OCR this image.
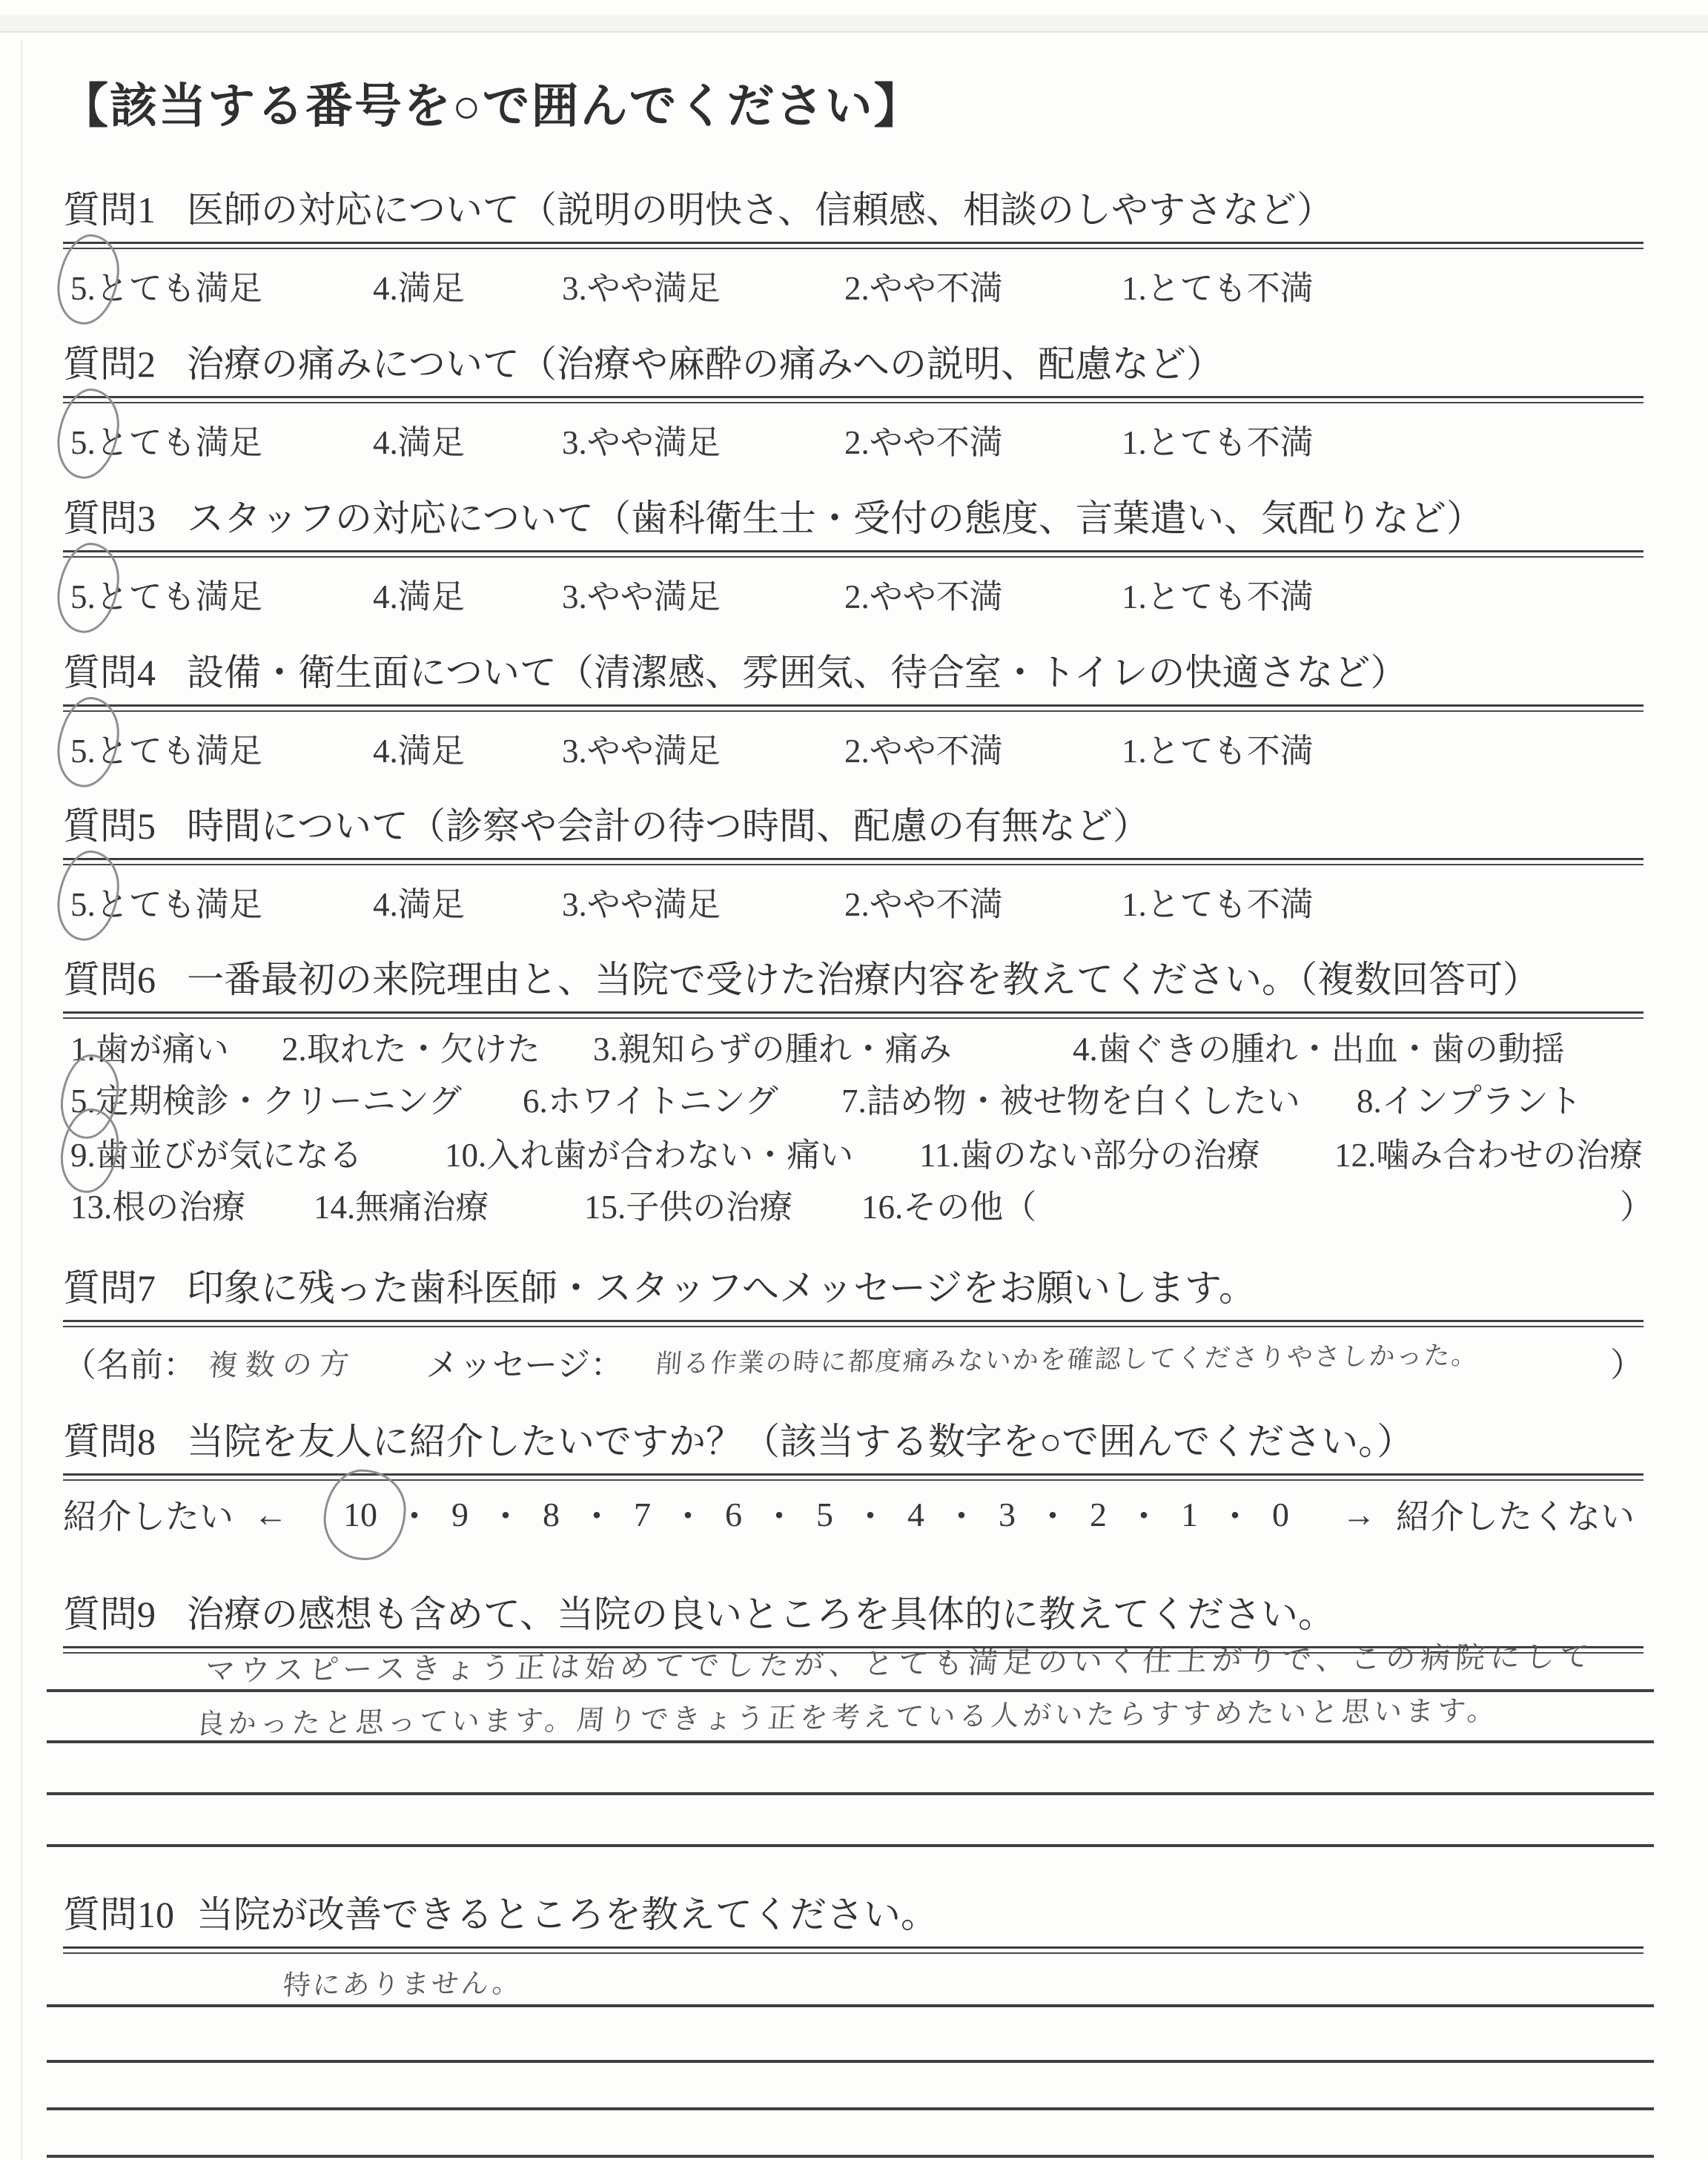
【該当する番号を○で囲んでください】
質問1 医師の対応について（説明の明快さ、信頼感、相談のしやすさなど）
5.とても満足	4.満足	3.やや満足	2.やや不満	1.とても不満
質問2 治療の痛みについて（治療や麻酔の痛みへの説明、配慮など）
5.とても満足	4.満足	3.やや満足	2.やや不満	1.とても不満
質問3 スタッフの対応について（歯科衛生士・受付の態度、言葉遣い、気配りなど）
5.とても満足	4.満足	3.やや満足	2.やや不満	1.とても不満
質問4 設備・衛生面について（清潔感、雰囲気、待合室・トイレの快適さなど）
5.とても満足	4.満足	3.やや満足	2.やや不満	1.とても不満
質問5 時間について（診察や会計の待つ時間、配慮の有無など）
5.とても満足	4.満足	3.やや満足	2.やや不満	1.とても不満
質問6 一番最初の来院理由と、当院で受けた治療内容を教えてください。（複数回答可）
1.歯が痛い 2.取れた・欠けた 3.親知らずの腫れ・痛み	4.歯ぐきの腫れ・出血・歯の動揺
5.定期検診・クリーニング 6.ホワイトニング 7.詰め物・被せ物を白くしたい 8.インプラント
9.歯並びが気になる 10.入れ歯が合わない・痛い 11.歯のない部分の治療 12.噛み合わせの治療
13.根の治療 14.無痛治療	15.子供の治療 16.その他（	）
質問7 印象に残った歯科医師・スタッフへメッセージをお願いします。
（名前： 複数の方 メッセージ： 削る作業の時に都度痛みないかを確認してくださりやさしかった。	）
質問8 当院を友人に紹介したいですか？（該当する数字を○で囲んでください。）
紹介したい ← 10 ・ 9 ・ 8 ・ 7 ・ 6 ・ 5 ・ 4 ・ 3 ・ 2 ・ 1 ・ 0 → 紹介したくない
質問9 治療の感想も含めて、当院の良いところを具体的に教えてください。
マウスピースきょう正は始めてでしたが、とても満足のいく仕上がりで、この病院にして
良かったと思っています。周りできょう正を考えている人がいたらすすめたいと思います。
質問10 当院が改善できるところを教えてください。
特にありません。
